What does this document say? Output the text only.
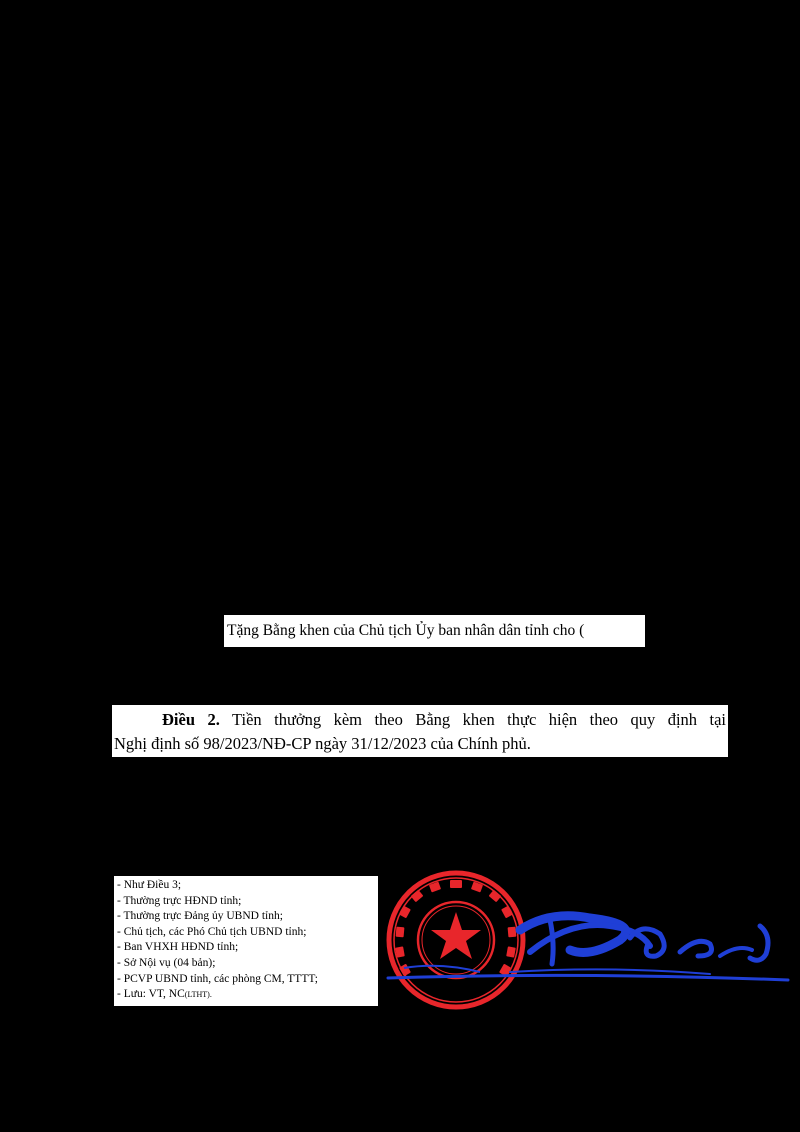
Tặng Bằng khen của Chủ tịch Ủy ban nhân dân tỉnh cho (
Điều 2. Tiền thưởng kèm theo Bằng khen thực hiện theo quy định tại
Nghị định số 98/2023/NĐ-CP ngày 31/12/2023 của Chính phủ.
- Như Điều 3;
- Thường trực HĐND tỉnh;
- Thường trực Đảng ủy UBND tỉnh;
- Chủ tịch, các Phó Chủ tịch UBND tỉnh;
- Ban VHXH HĐND tỉnh;
- Sở Nội vụ (04 bản);
- PCVP UBND tỉnh, các phòng CM, TTTT;
- Lưu: VT, NC(LTHT).
